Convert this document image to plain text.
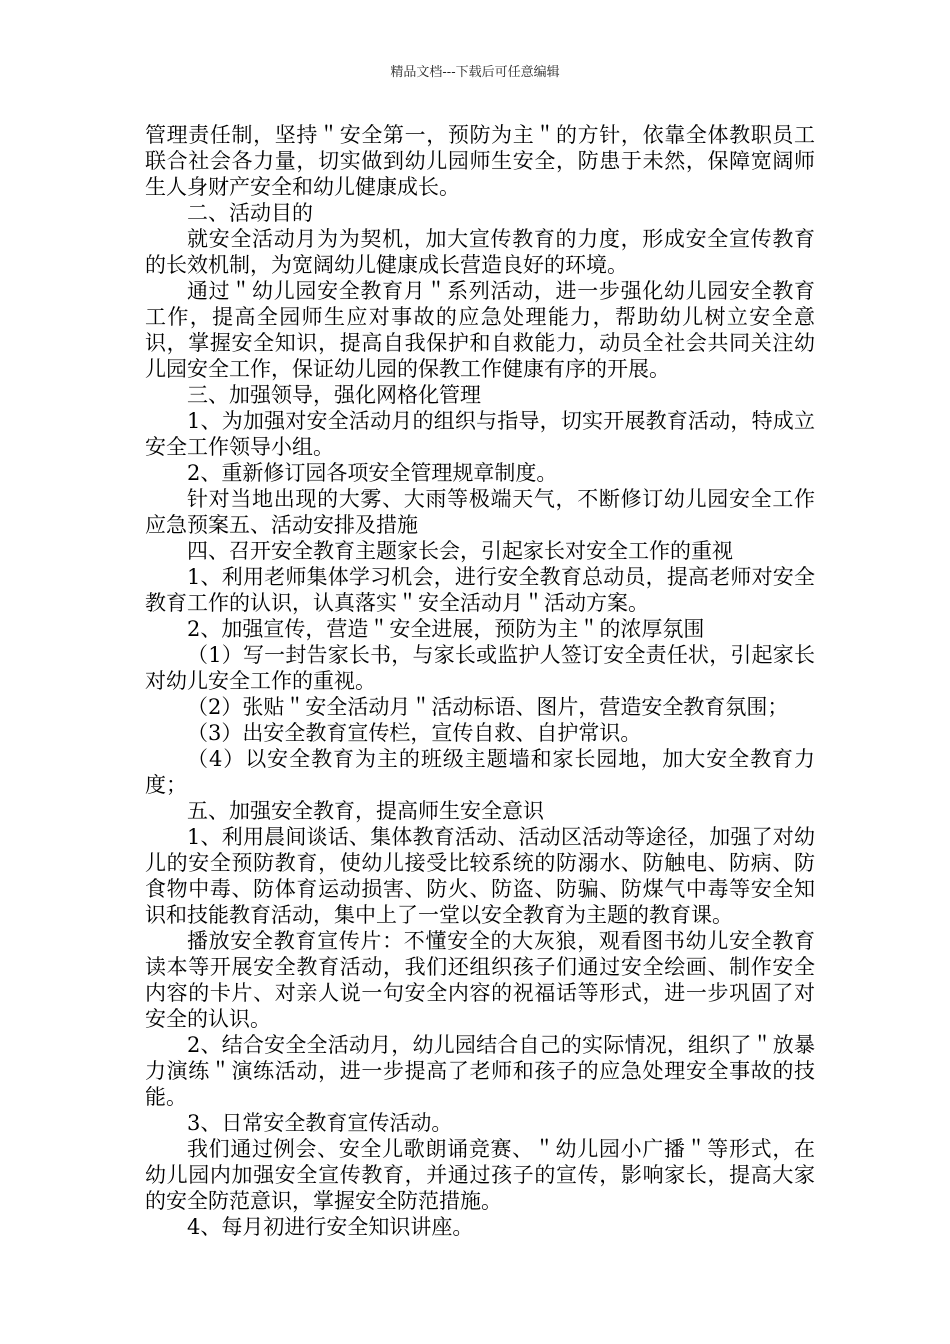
精品文档---下载后可任意编辑

管理责任制，坚持＂安全第一，预防为主＂的方针，依靠全体教职员工联合社会各力量，切实做到幼儿园师生安全，防患于未然，保障宽阔师生人身财产安全和幼儿健康成长。

二、活动目的

就安全活动月为为契机，加大宣传教育的力度，形成安全宣传教育的长效机制，为宽阔幼儿健康成长营造良好的环境。

通过＂幼儿园安全教育月＂系列活动，进一步强化幼儿园安全教育工作，提高全园师生应对事故的应急处理能力，帮助幼儿树立安全意识，掌握安全知识，提高自我保护和自救能力，动员全社会共同关注幼儿园安全工作，保证幼儿园的保教工作健康有序的开展。

三、加强领导，强化网格化管理

1、为加强对安全活动月的组织与指导，切实开展教育活动，特成立安全工作领导小组。

2、重新修订园各项安全管理规章制度。

针对当地出现的大雾、大雨等极端天气，不断修订幼儿园安全工作应急预案五、活动安排及措施

四、召开安全教育主题家长会，引起家长对安全工作的重视

1、利用老师集体学习机会，进行安全教育总动员，提高老师对安全教育工作的认识，认真落实＂安全活动月＂活动方案。

2、加强宣传，营造＂安全进展，预防为主＂的浓厚氛围

（1）写一封告家长书，与家长或监护人签订安全责任状，引起家长对幼儿安全工作的重视。

（2）张贴＂安全活动月＂活动标语、图片，营造安全教育氛围；

（3）出安全教育宣传栏，宣传自救、自护常识。

（4）以安全教育为主的班级主题墙和家长园地，加大安全教育力度；

五、加强安全教育，提高师生安全意识

1、利用晨间谈话、集体教育活动、活动区活动等途径，加强了对幼儿的安全预防教育，使幼儿接受比较系统的防溺水、防触电、防病、防食物中毒、防体育运动损害、防火、防盗、防骗、防煤气中毒等安全知识和技能教育活动，集中上了一堂以安全教育为主题的教育课。

播放安全教育宣传片：不懂安全的大灰狼，观看图书幼儿安全教育读本等开展安全教育活动，我们还组织孩子们通过安全绘画、制作安全内容的卡片、对亲人说一句安全内容的祝福话等形式，进一步巩固了对安全的认识。

2、结合安全全活动月，幼儿园结合自己的实际情况，组织了＂放暴力演练＂演练活动，进一步提高了老师和孩子的应急处理安全事故的技能。

3、日常安全教育宣传活动。

我们通过例会、安全儿歌朗诵竞赛、＂幼儿园小广播＂等形式，在幼儿园内加强安全宣传教育，并通过孩子的宣传，影响家长，提高大家的安全防范意识，掌握安全防范措施。

4、每月初进行安全知识讲座。
